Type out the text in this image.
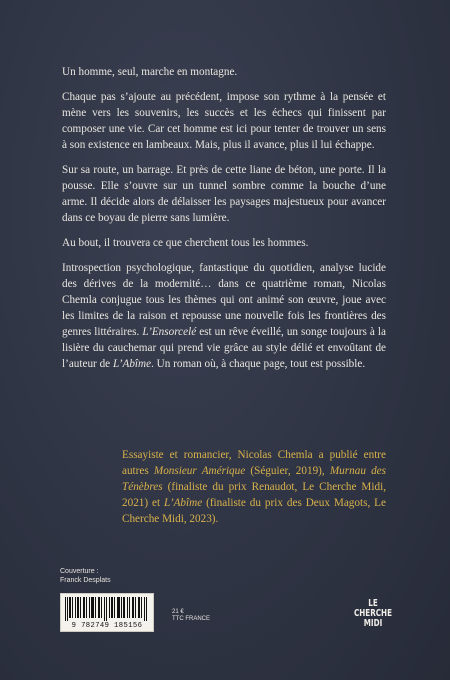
Un homme, seul, marche en montagne.

Chaque pas s’ajoute au précédent, impose son rythme à la pensée et mène vers les souvenirs, les succès et les échecs qui finissent par composer une vie. Car cet homme est ici pour tenter de trouver un sens à son existence en lambeaux. Mais, plus il avance, plus il lui échappe.

Sur sa route, un barrage. Et près de cette liane de béton, une porte. Il la pousse. Elle s’ouvre sur un tunnel sombre comme la bouche d’une arme. Il décide alors de délaisser les paysages majestueux pour avancer dans ce boyau de pierre sans lumière.

Au bout, il trouvera ce que cherchent tous les hommes.

Introspection psychologique, fantastique du quotidien, analyse lucide des dérives de la modernité… dans ce quatrième roman, Nicolas Chemla conjugue tous les thèmes qui ont animé son œuvre, joue avec les limites de la raison et repousse une nouvelle fois les frontières des genres littéraires. L’Ensorcelé est un rêve éveillé, un songe toujours à la lisière du cauchemar qui prend vie grâce au style délié et envoûtant de l’auteur de L’Abîme. Un roman où, à chaque page, tout est possible.

Essayiste et romancier, Nicolas Chemla a publié entre autres Monsieur Amérique (Séguier, 2019), Murnau des Ténèbres (finaliste du prix Renaudot, Le Cherche Midi, 2021) et L’Abîme (finaliste du prix des Deux Magots, Le Cherche Midi, 2023).

Couverture :
Franck Desplats
9 782749 185156
21 €
TTC FRANCE
LE
CHERCHE
MIDI
